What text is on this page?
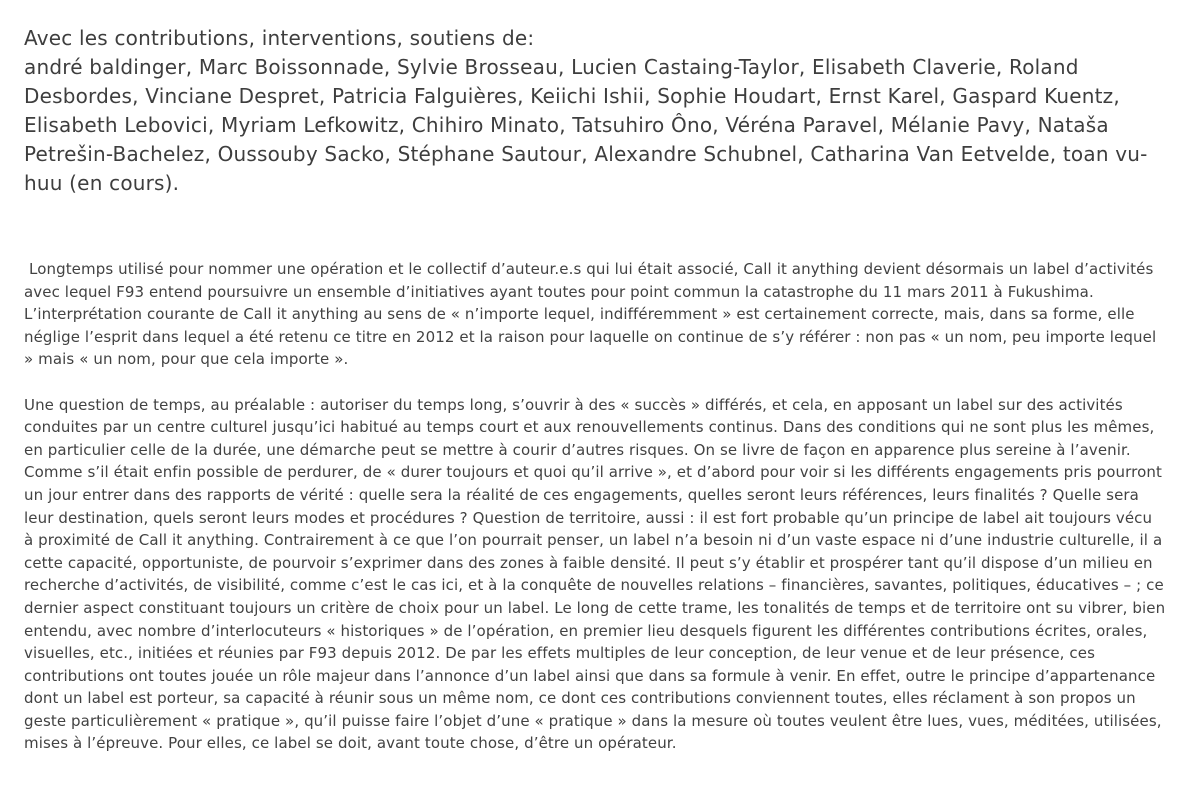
Avec les contributions, interventions, soutiens de:
andré baldinger, Marc Boissonnade, Sylvie Brosseau, Lucien Castaing-Taylor, Elisabeth Claverie, Roland Desbordes, Vinciane Despret, Patricia Falguières, Keiichi Ishii, Sophie Houdart, Ernst Karel, Gaspard Kuentz, Elisabeth Lebovici, Myriam Lefkowitz, Chihiro Minato, Tatsuhiro Ôno, Véréna Paravel, Mélanie Pavy, Nataša Petrešin-Bachelez, Oussouby Sacko, Stéphane Sautour, Alexandre Schubnel, Catharina Van Eetvelde, toan vu-huu (en cours).

Longtemps utilisé pour nommer une opération et le collectif d’auteur.e.s qui lui était associé, Call it anything devient désormais un label d’activités avec lequel F93 entend poursuivre un ensemble d’initiatives ayant toutes pour point commun la catastrophe du 11 mars 2011 à Fukushima. L’interprétation courante de Call it anything au sens de « n’importe lequel, indifféremment » est certainement correcte, mais, dans sa forme, elle néglige l’esprit dans lequel a été retenu ce titre en 2012 et la raison pour laquelle on continue de s’y référer : non pas « un nom, peu importe lequel » mais « un nom, pour que cela importe ».

Une question de temps, au préalable : autoriser du temps long, s’ouvrir à des « succès » différés, et cela, en apposant un label sur des activités conduites par un centre culturel jusqu’ici habitué au temps court et aux renouvellements continus. Dans des conditions qui ne sont plus les mêmes, en particulier celle de la durée, une démarche peut se mettre à courir d’autres risques. On se livre de façon en apparence plus sereine à l’avenir. Comme s’il était enfin possible de perdurer, de « durer toujours et quoi qu’il arrive », et d’abord pour voir si les différents engagements pris pourront un jour entrer dans des rapports de vérité : quelle sera la réalité de ces engagements, quelles seront leurs références, leurs finalités ? Quelle sera leur destination, quels seront leurs modes et procédures ? Question de territoire, aussi : il est fort probable qu’un principe de label ait toujours vécu à proximité de Call it anything. Contrairement à ce que l’on pourrait penser, un label n’a besoin ni d’un vaste espace ni d’une industrie culturelle, il a cette capacité, opportuniste, de pourvoir s’exprimer dans des zones à faible densité. Il peut s’y établir et prospérer tant qu’il dispose d’un milieu en recherche d’activités, de visibilité, comme c’est le cas ici, et à la conquête de nouvelles relations – financières, savantes, politiques, éducatives – ; ce dernier aspect constituant toujours un critère de choix pour un label. Le long de cette trame, les tonalités de temps et de territoire ont su vibrer, bien entendu, avec nombre d’interlocuteurs « historiques » de l’opération, en premier lieu desquels figurent les différentes contributions écrites, orales, visuelles, etc., initiées et réunies par F93 depuis 2012. De par les effets multiples de leur conception, de leur venue et de leur présence, ces contributions ont toutes jouée un rôle majeur dans l’annonce d’un label ainsi que dans sa formule à venir. En effet, outre le principe d’appartenance dont un label est porteur, sa capacité à réunir sous un même nom, ce dont ces contributions conviennent toutes, elles réclament à son propos un geste particulièrement « pratique », qu’il puisse faire l’objet d’une « pratique » dans la mesure où toutes veulent être lues, vues, méditées, utilisées, mises à l’épreuve. Pour elles, ce label se doit, avant toute chose, d’être un opérateur.
